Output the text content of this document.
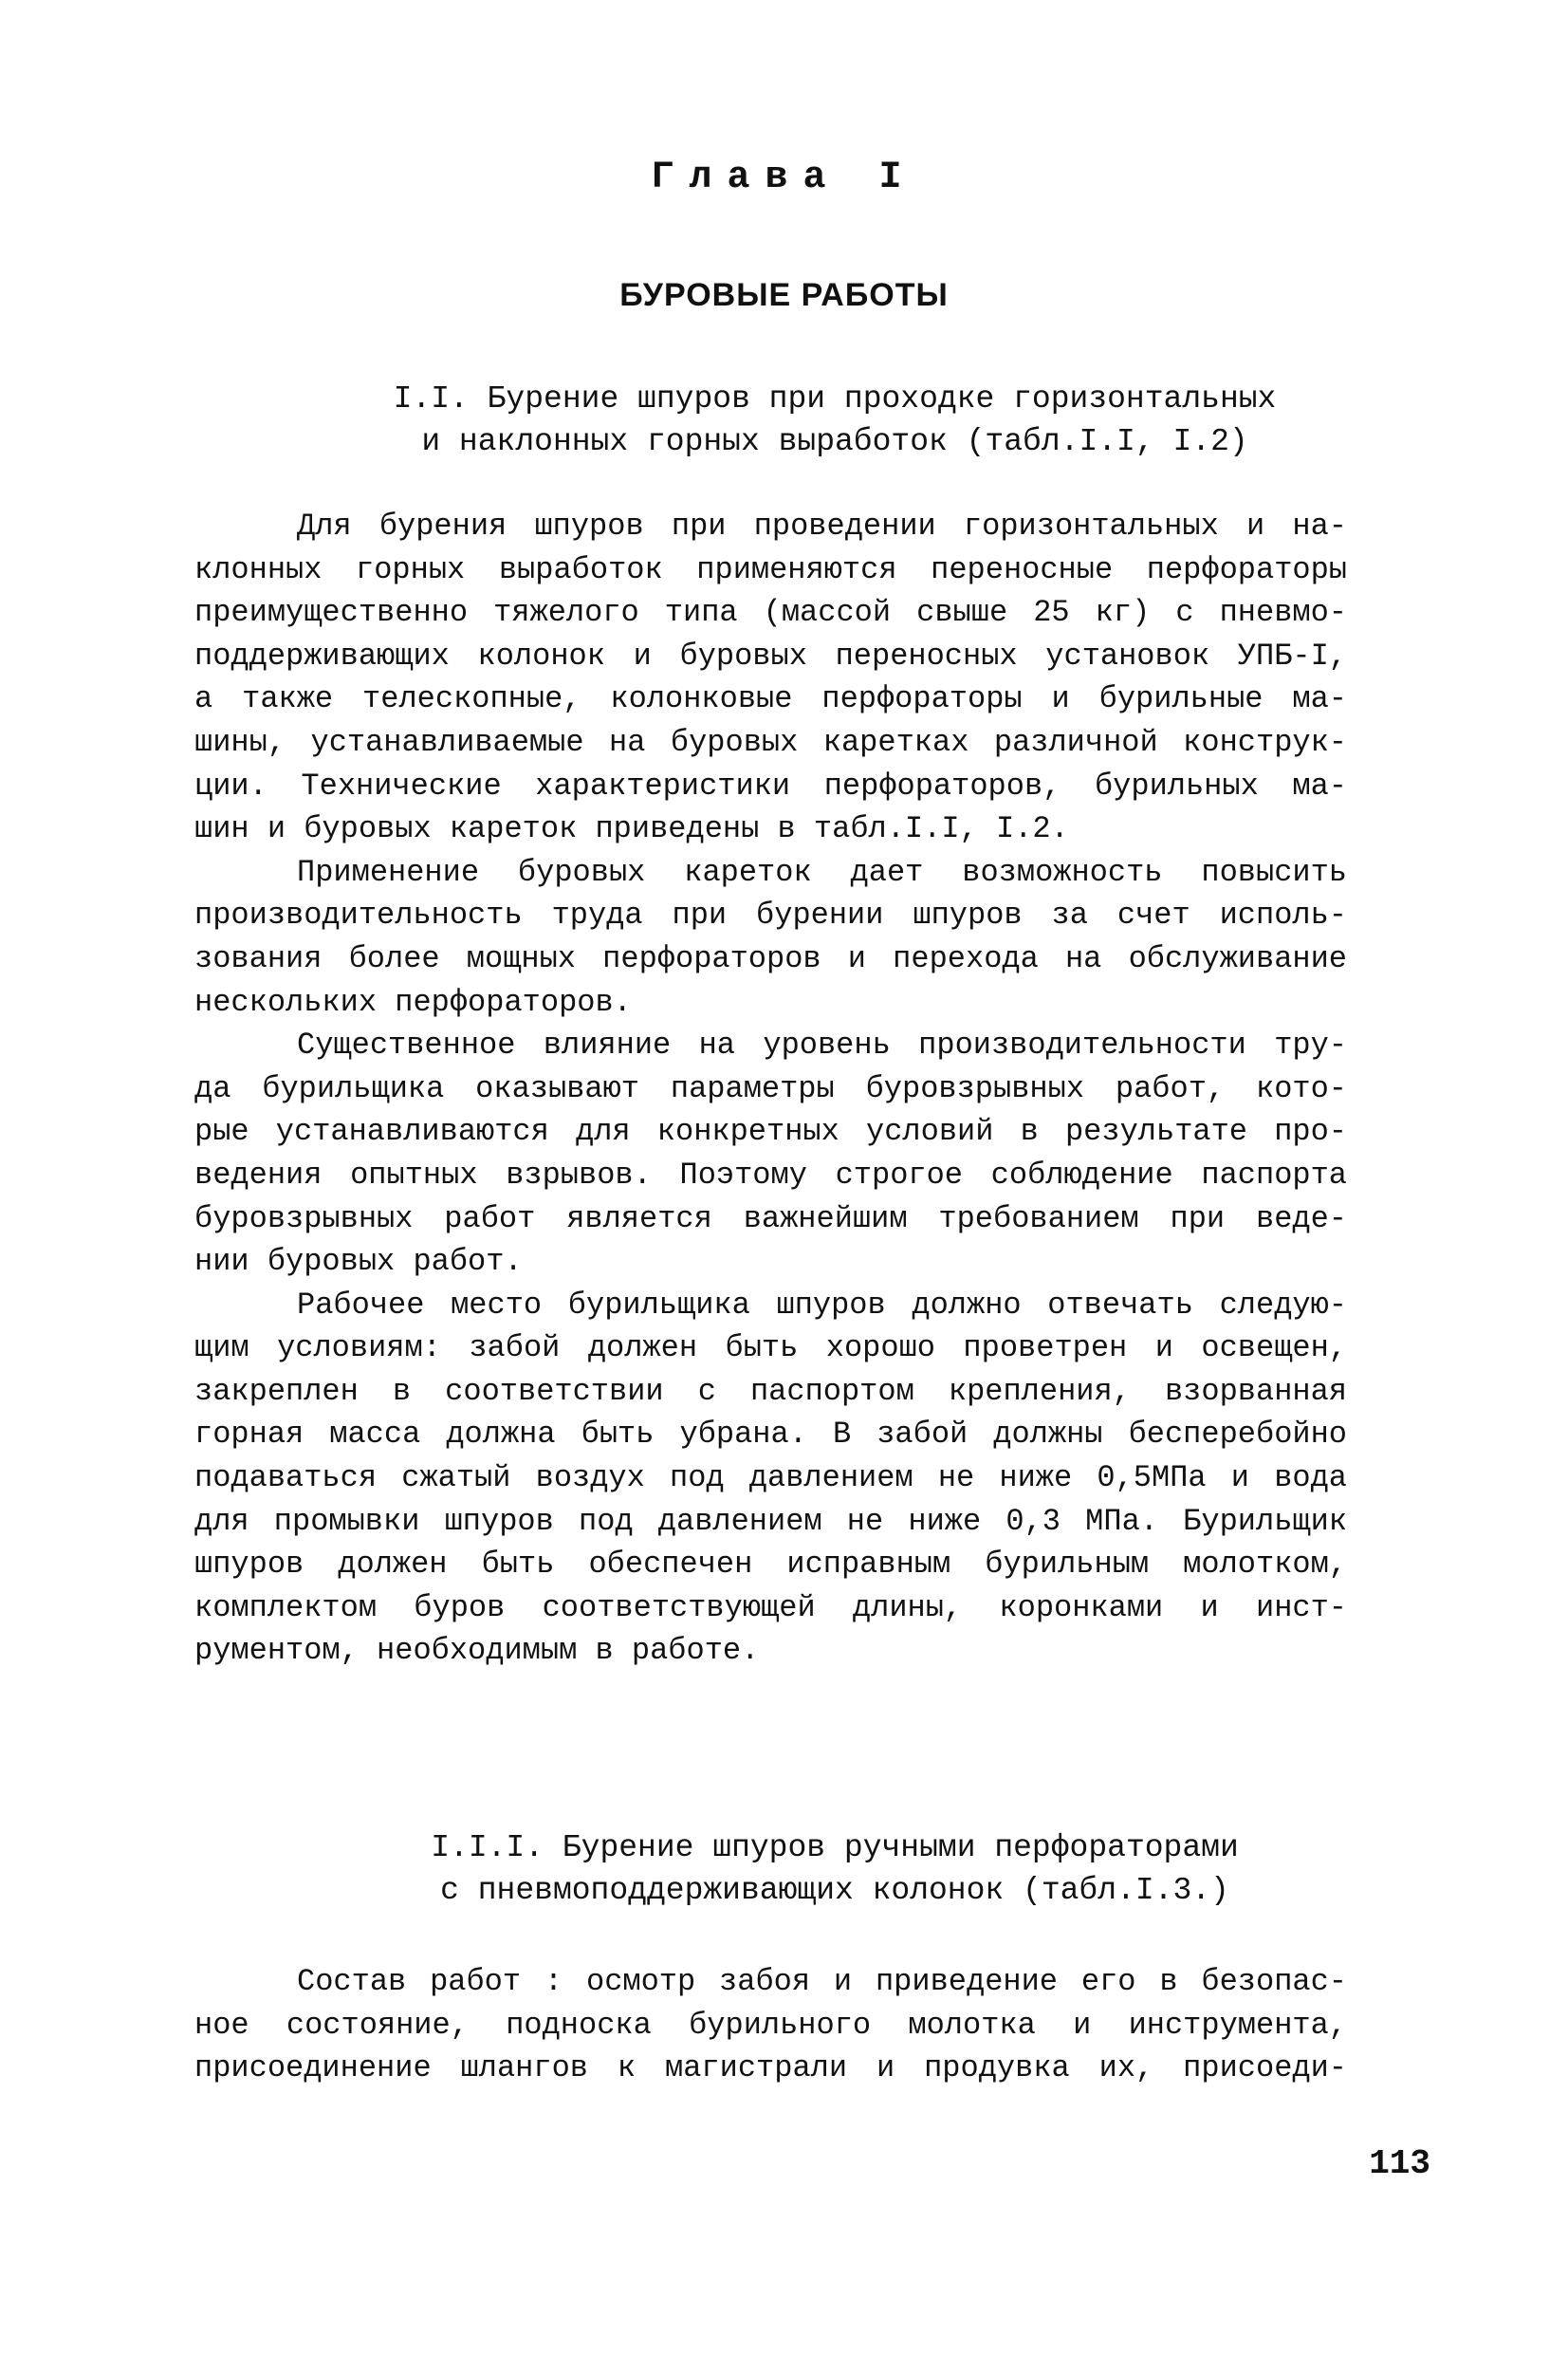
Глава I
БУРОВЫЕ РАБОТЫ
I.I. Бурение шпуров при проходке горизонтальных
и наклонных горных выработок (табл.I.I, I.2)
Для бурения шпуров при проведении горизонтальных и на-
клонных горных выработок применяются переносные перфораторы
преимущественно тяжелого типа (массой свыше 25 кг) с пневмо-
поддерживающих колонок и буровых переносных установок УПБ-I,
а также телескопные, колонковые перфораторы и бурильные ма-
шины, устанавливаемые на буровых каретках различной конструк-
ции. Технические характеристики перфораторов, бурильных ма-
шин и буровых кареток приведены в табл.I.I, I.2.
Применение буровых кареток дает возможность повысить
производительность труда при бурении шпуров за счет исполь-
зования более мощных перфораторов и перехода на обслуживание
нескольких перфораторов.
Существенное влияние на уровень производительности тру-
да бурильщика оказывают параметры буровзрывных работ, кото-
рые устанавливаются для конкретных условий в результате про-
ведения опытных взрывов. Поэтому строгое соблюдение паспорта
буровзрывных работ является важнейшим требованием при веде-
нии буровых работ.
Рабочее место бурильщика шпуров должно отвечать следую-
щим условиям: забой должен быть хорошо проветрен и освещен,
закреплен в соответствии с паспортом крепления, взорванная
горная масса должна быть убрана. В забой должны бесперебойно
подаваться сжатый воздух под давлением не ниже 0,5МПа и вода
для промывки шпуров под давлением не ниже 0,3 МПа. Бурильщик
шпуров должен быть обеспечен исправным бурильным молотком,
комплектом буров соответствующей длины, коронками и инст-
рументом, необходимым в работе.
I.I.I. Бурение шпуров ручными перфораторами
с пневмоподдерживающих колонок (табл.I.3.)
Состав работ : осмотр забоя и приведение его в безопас-
ное состояние, подноска бурильного молотка и инструмента,
присоединение шлангов к магистрали и продувка их, присоеди-
113
